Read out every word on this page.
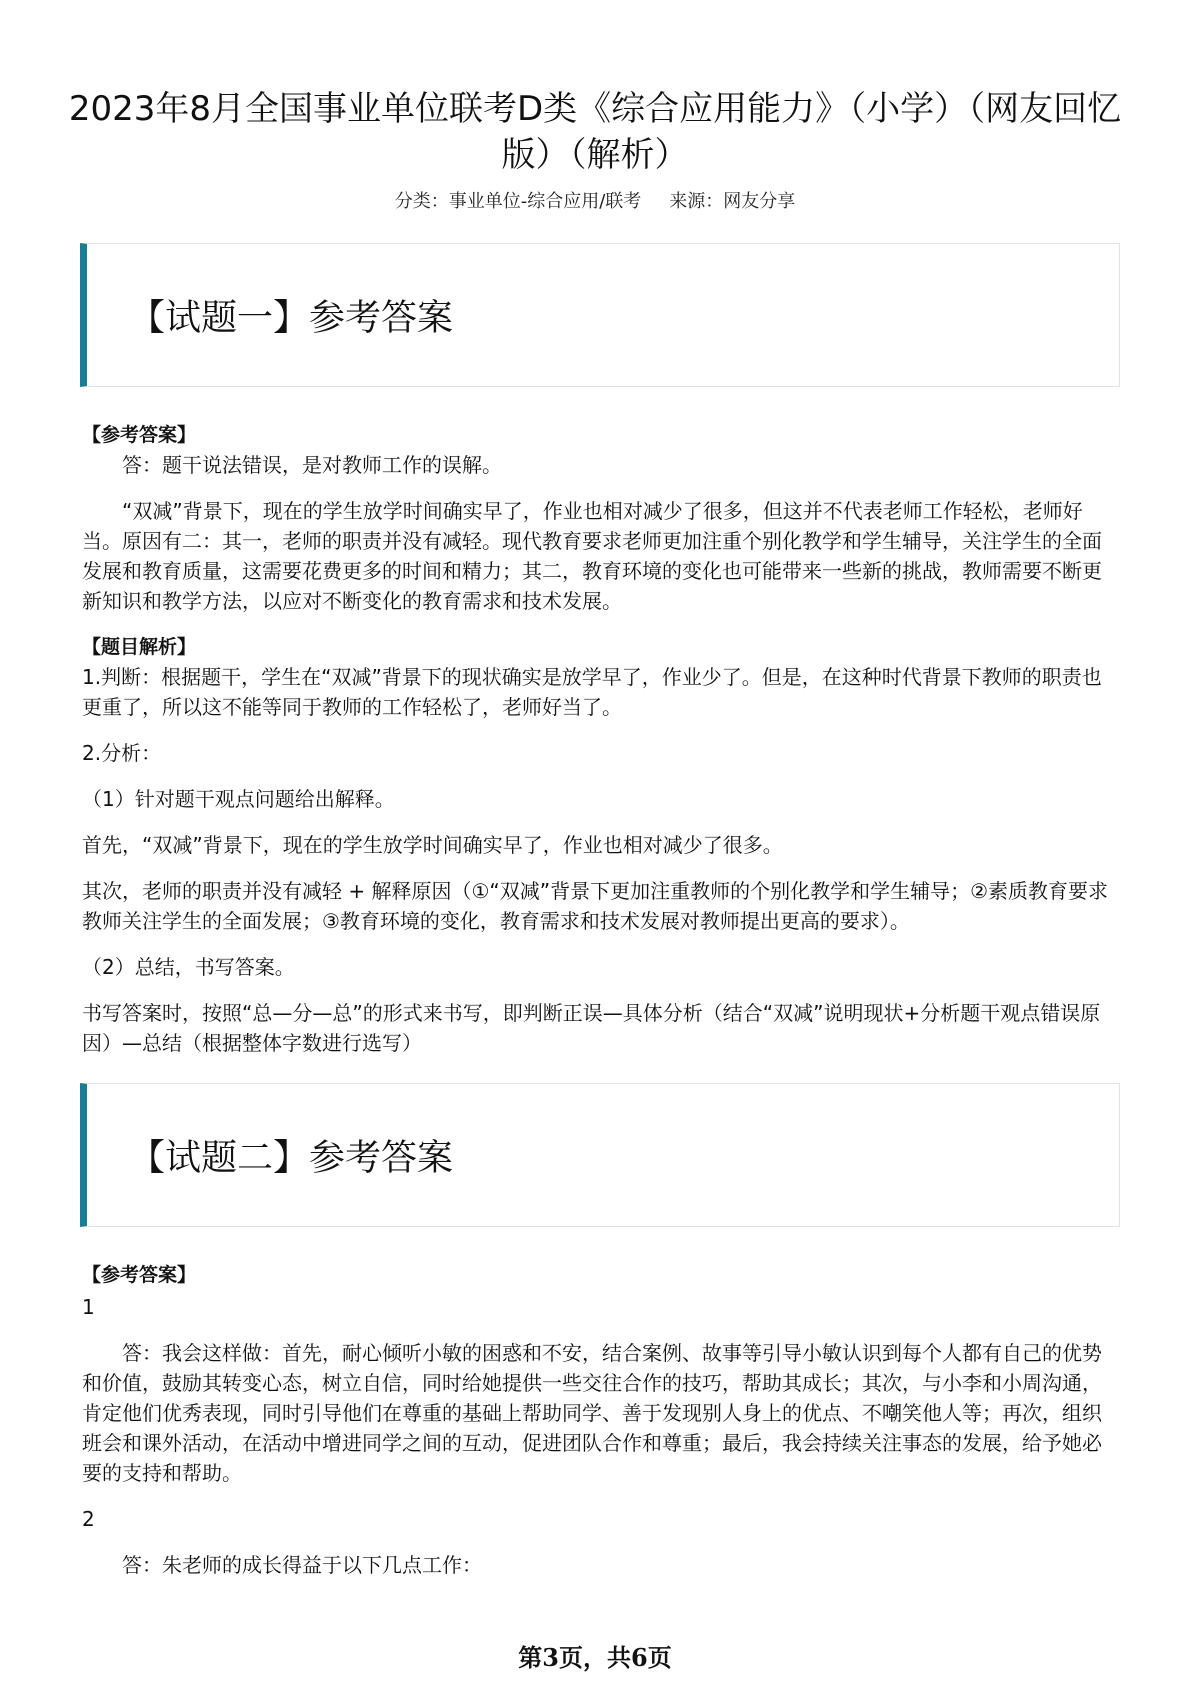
2023年8月全国事业单位联考D类《综合应用能力》（小学）（网友回忆版）（解析）
分类：事业单位-综合应用/联考 来源：网友分享
【试题一】参考答案

【参考答案】

答：题干说法错误，是对教师工作的误解。

“双减”背景下，现在的学生放学时间确实早了，作业也相对减少了很多，但这并不代表老师工作轻松，老师好当。原因有二：其一，老师的职责并没有减轻。现代教育要求老师更加注重个别化教学和学生辅导，关注学生的全面发展和教育质量，这需要花费更多的时间和精力；其二，教育环境的变化也可能带来一些新的挑战，教师需要不断更新知识和教学方法，以应对不断变化的教育需求和技术发展。

【题目解析】

1.判断：根据题干，学生在“双减”背景下的现状确实是放学早了，作业少了。但是，在这种时代背景下教师的职责也更重了，所以这不能等同于教师的工作轻松了，老师好当了。

2.分析：

（1）针对题干观点问题给出解释。

首先，“双减”背景下，现在的学生放学时间确实早了，作业也相对减少了很多。

其次，老师的职责并没有减轻 + 解释原因（①“双减”背景下更加注重教师的个别化教学和学生辅导；②素质教育要求教师关注学生的全面发展；③教育环境的变化，教育需求和技术发展对教师提出更高的要求）。

（2）总结，书写答案。

书写答案时，按照“总—分—总”的形式来书写，即判断正误—具体分析（结合“双减”说明现状+分析题干观点错误原因）—总结（根据整体字数进行选写）

【试题二】参考答案

【参考答案】

1

答：我会这样做：首先，耐心倾听小敏的困惑和不安，结合案例、故事等引导小敏认识到每个人都有自己的优势和价值，鼓励其转变心态，树立自信，同时给她提供一些交往合作的技巧，帮助其成长；其次，与小李和小周沟通，肯定他们优秀表现，同时引导他们在尊重的基础上帮助同学、善于发现别人身上的优点、不嘲笑他人等；再次，组织班会和课外活动，在活动中增进同学之间的互动，促进团队合作和尊重；最后，我会持续关注事态的发展，给予她必要的支持和帮助。

2

答：朱老师的成长得益于以下几点工作：

第3页，共6页
